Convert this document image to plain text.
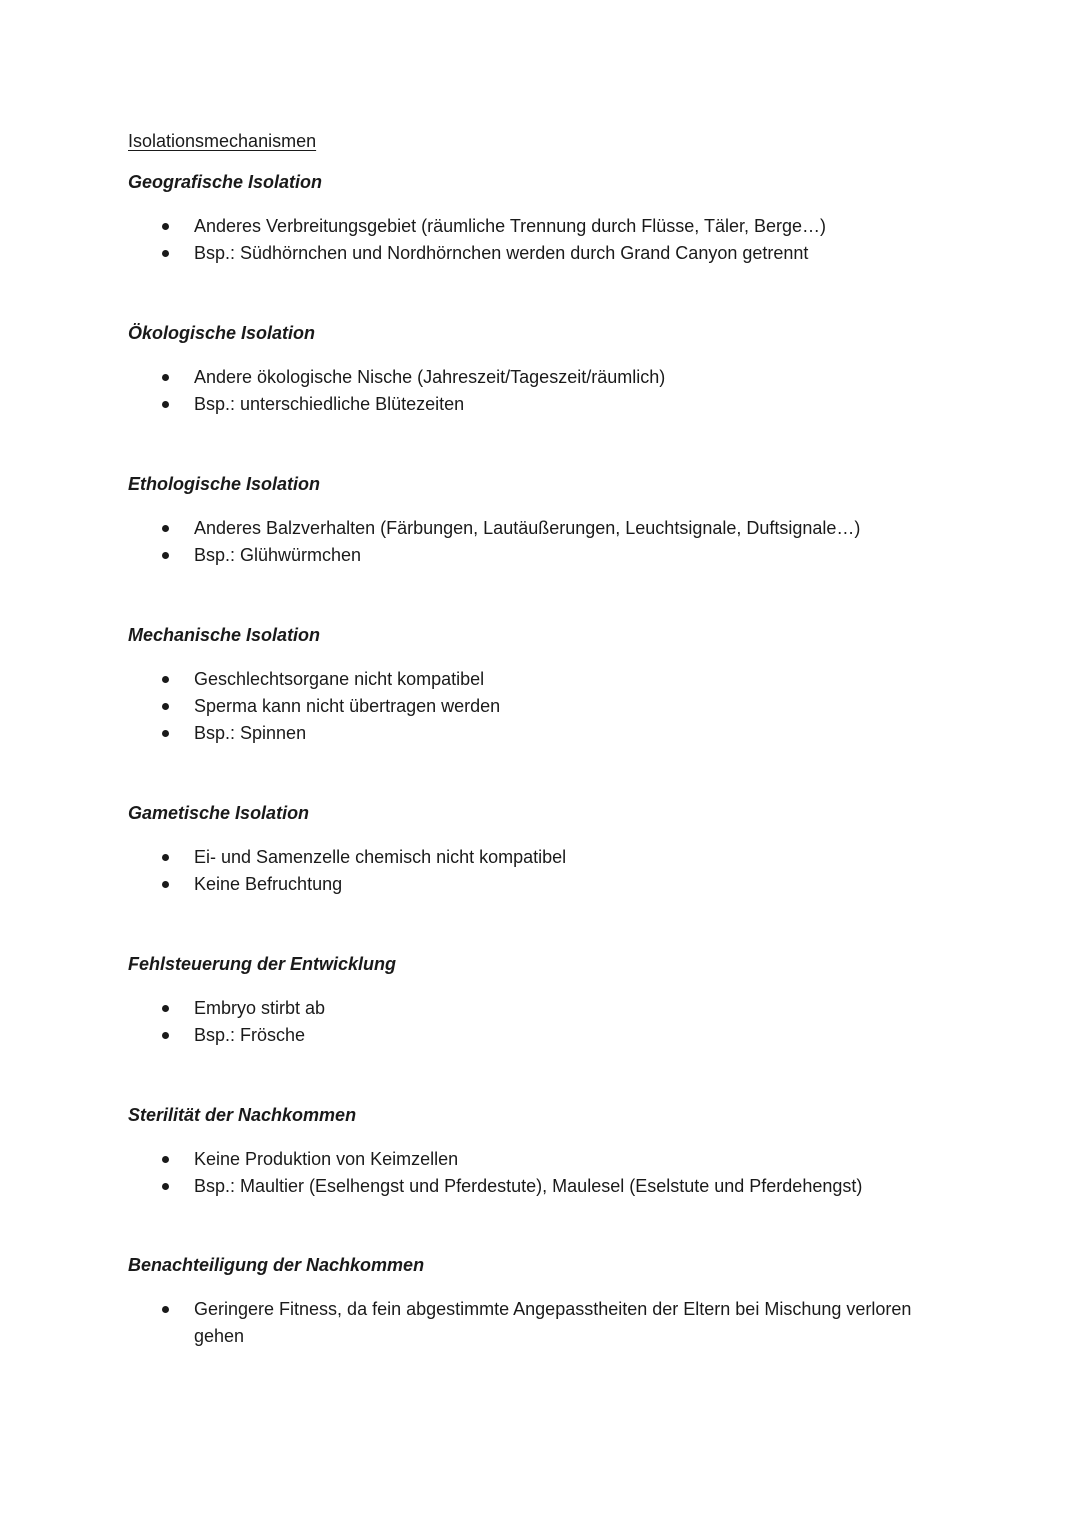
Isolationsmechanismen
Geografische Isolation
Anderes Verbreitungsgebiet (räumliche Trennung durch Flüsse, Täler, Berge…)
Bsp.: Südhörnchen und Nordhörnchen werden durch Grand Canyon getrennt
Ökologische Isolation
Andere ökologische Nische (Jahreszeit/Tageszeit/räumlich)
Bsp.: unterschiedliche Blütezeiten
Ethologische Isolation
Anderes Balzverhalten (Färbungen, Lautäußerungen, Leuchtsignale, Duftsignale…)
Bsp.: Glühwürmchen
Mechanische Isolation
Geschlechtsorgane nicht kompatibel
Sperma kann nicht übertragen werden
Bsp.: Spinnen
Gametische Isolation
Ei- und Samenzelle chemisch nicht kompatibel
Keine Befruchtung
Fehlsteuerung der Entwicklung
Embryo stirbt ab
Bsp.: Frösche
Sterilität der Nachkommen
Keine Produktion von Keimzellen
Bsp.: Maultier (Eselhengst und Pferdestute), Maulesel (Eselstute und Pferdehengst)
Benachteiligung der Nachkommen
Geringere Fitness, da fein abgestimmte Angepasstheiten der Eltern bei Mischung verloren gehen
